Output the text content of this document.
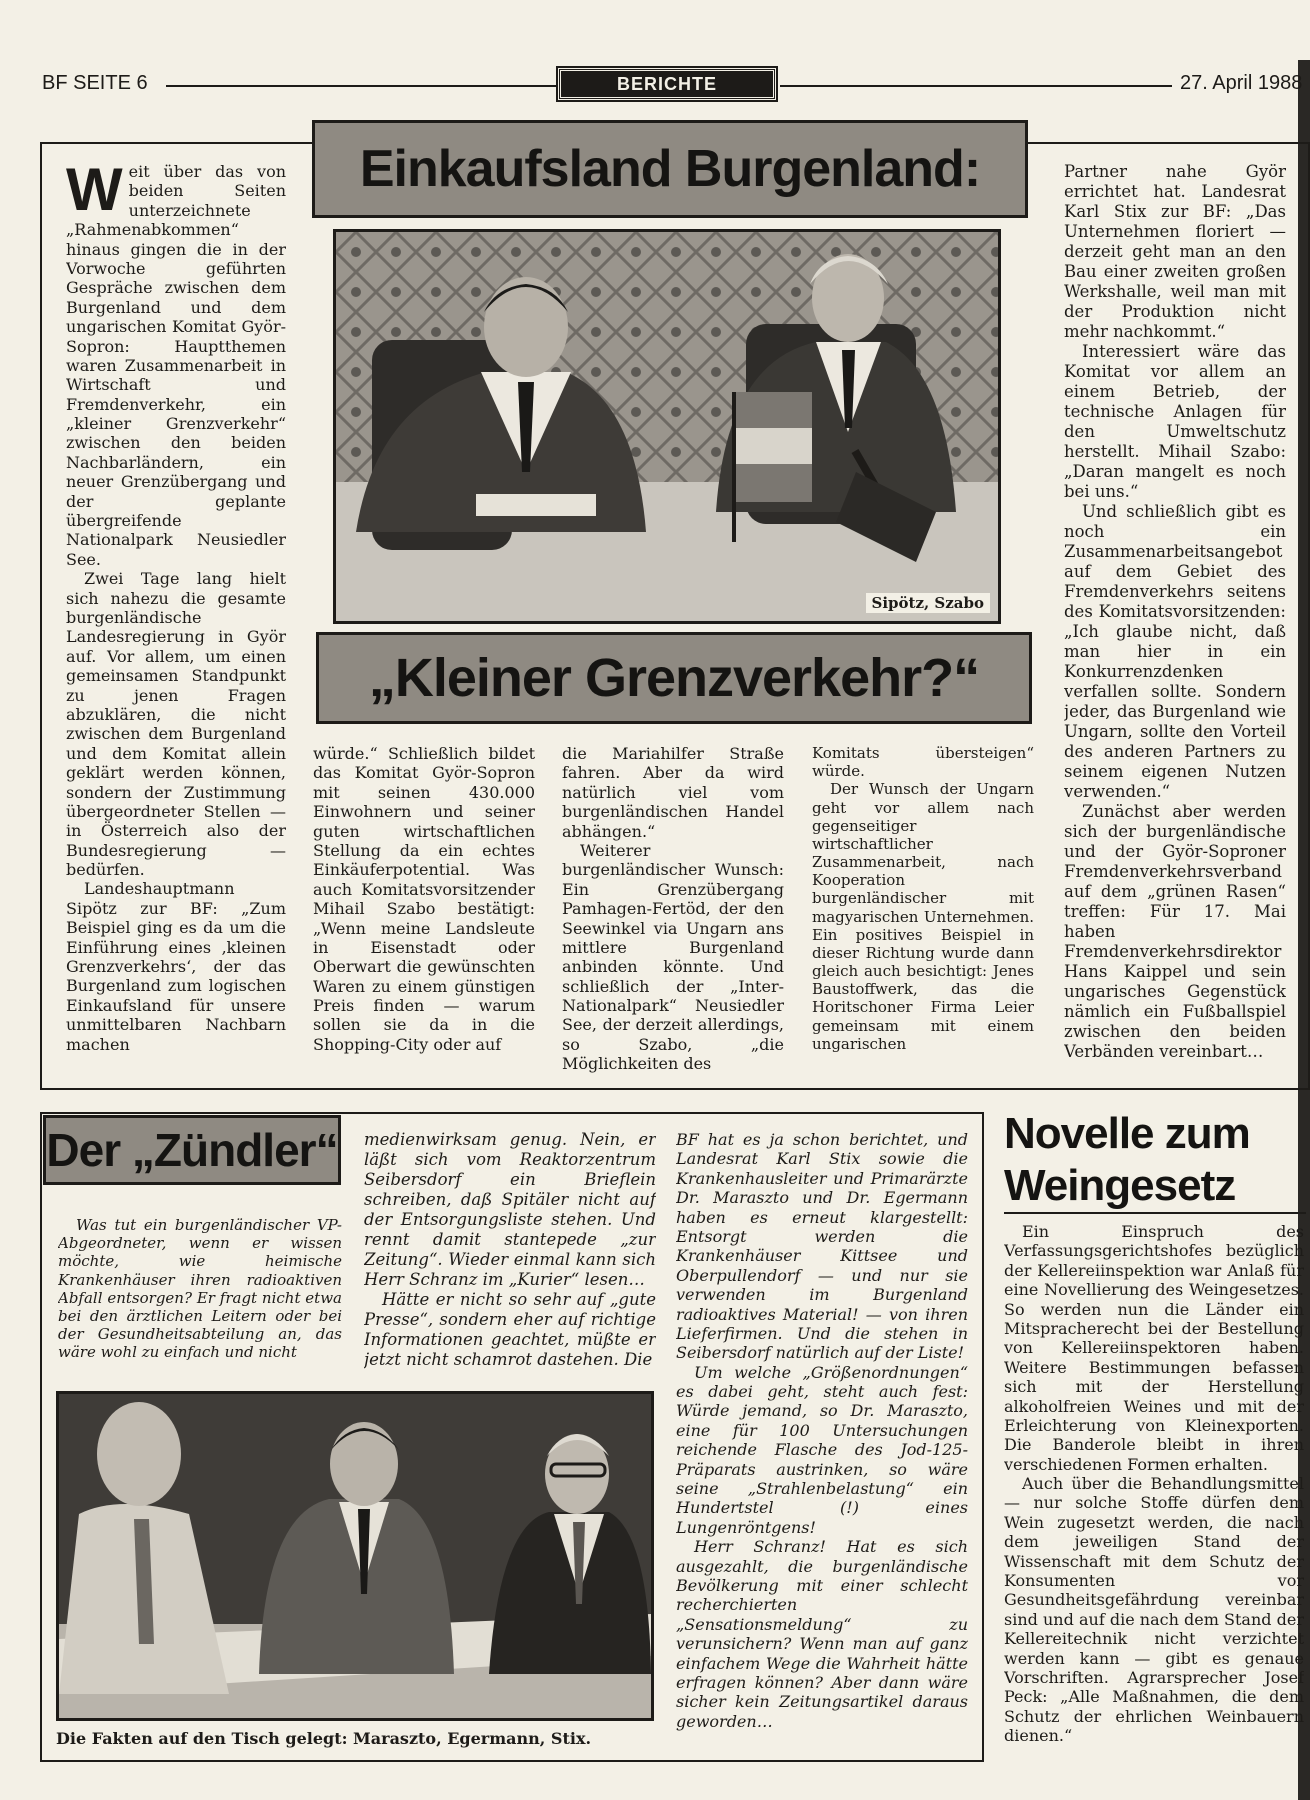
BF SEITE 6	BERICHTE	27. April 1988

Weit über das von beiden Seiten unterzeichnete „Rahmenabkommen“ hinaus gingen die in der Vorwoche geführten Gespräche zwischen dem Burgenland und dem ungarischen Komitat Györ-Sopron: Hauptthemen waren Zusammenarbeit in Wirtschaft und Fremdenverkehr, ein „kleiner Grenzverkehr“ zwischen den beiden Nachbarländern, ein neuer Grenzübergang und der geplante übergreifende Nationalpark Neusiedler See.

Zwei Tage lang hielt sich nahezu die gesamte burgenländische Landesregierung in Györ auf. Vor allem, um einen gemeinsamen Standpunkt zu jenen Fragen abzuklären, die nicht zwischen dem Burgenland und dem Komitat allein geklärt werden können, sondern der Zustimmung übergeordneter Stellen — in Österreich also der Bundesregierung — bedürfen.

Landeshauptmann Sipötz zur BF: „Zum Beispiel ging es da um die Einführung eines ‚kleinen Grenzverkehrs‘, der das Burgenland zum logischen Einkaufsland für unsere unmittelbaren Nachbarn machen

Einkaufsland Burgenland:
Sipötz, Szabo
„Kleiner Grenzverkehr?“

würde.“ Schließlich bildet das Komitat Györ-Sopron mit seinen 430.000 Einwohnern und seiner guten wirtschaftlichen Stellung da ein echtes Einkäuferpotential. Was auch Komitatsvorsitzender Mihail Szabo bestätigt: „Wenn meine Landsleute in Eisenstadt oder Oberwart die gewünschten Waren zu einem günstigen Preis finden — warum sollen sie da in die Shopping-City oder auf

die Mariahilfer Straße fahren. Aber da wird natürlich viel vom burgenländischen Handel abhängen.“

Weiterer burgenländischer Wunsch: Ein Grenzübergang Pamhagen-Fertöd, der den Seewinkel via Ungarn ans mittlere Burgenland anbinden könnte. Und schließlich der „Inter-Nationalpark“ Neusiedler See, der derzeit allerdings, so Szabo, „die Möglichkeiten des

Komitats übersteigen“ würde.

Der Wunsch der Ungarn geht vor allem nach gegenseitiger wirtschaftlicher Zusammenarbeit, nach Kooperation burgenländischer mit magyarischen Unternehmen. Ein positives Beispiel in dieser Richtung wurde dann gleich auch besichtigt: Jenes Baustoffwerk, das die Horitschoner Firma Leier gemeinsam mit einem ungarischen

Partner nahe Györ errichtet hat. Landesrat Karl Stix zur BF: „Das Unternehmen floriert — derzeit geht man an den Bau einer zweiten großen Werkshalle, weil man mit der Produktion nicht mehr nachkommt.“

Interessiert wäre das Komitat vor allem an einem Betrieb, der technische Anlagen für den Umweltschutz herstellt. Mihail Szabo: „Daran mangelt es noch bei uns.“

Und schließlich gibt es noch ein Zusammenarbeitsangebot auf dem Gebiet des Fremdenverkehrs seitens des Komitatsvorsitzenden: „Ich glaube nicht, daß man hier in ein Konkurrenzdenken verfallen sollte. Sondern jeder, das Burgenland wie Ungarn, sollte den Vorteil des anderen Partners zu seinem eigenen Nutzen verwenden.“

Zunächst aber werden sich der burgenländische und der Györ-Soproner Fremdenverkehrsverband auf dem „grünen Rasen“ treffen: Für 17. Mai haben Fremdenverkehrsdirektor Hans Kaippel und sein ungarisches Gegenstück nämlich ein Fußballspiel zwischen den beiden Verbänden vereinbart…

Der „Zündler“

Was tut ein burgenländischer VP-Abgeordneter, wenn er wissen möchte, wie heimische Krankenhäuser ihren radioaktiven Abfall entsorgen? Er fragt nicht etwa bei den ärztlichen Leitern oder bei der Gesundheitsabteilung an, das wäre wohl zu einfach und nicht

medienwirksam genug. Nein, er läßt sich vom Reaktorzentrum Seibersdorf ein Brieflein schreiben, daß Spitäler nicht auf der Entsorgungsliste stehen. Und rennt damit stantepede „zur Zeitung“. Wieder einmal kann sich Herr Schranz im „Kurier“ lesen…

Hätte er nicht so sehr auf „gute Presse“, sondern eher auf richtige Informationen geachtet, müßte er jetzt nicht schamrot dastehen. Die

BF hat es ja schon berichtet, und Landesrat Karl Stix sowie die Krankenhausleiter und Primarärzte Dr. Maraszto und Dr. Egermann haben es erneut klargestellt: Entsorgt werden die Krankenhäuser Kittsee und Oberpullendorf — und nur sie verwenden im Burgenland radioaktives Material! — von ihren Lieferfirmen. Und die stehen in Seibersdorf natürlich auf der Liste!

Um welche „Größenordnungen“ es dabei geht, steht auch fest: Würde jemand, so Dr. Maraszto, eine für 100 Untersuchungen reichende Flasche des Jod-125-Präparats austrinken, so wäre seine „Strahlenbelastung“ ein Hundertstel (!) eines Lungenröntgens!

Herr Schranz! Hat es sich ausgezahlt, die burgenländische Bevölkerung mit einer schlecht recherchierten „Sensationsmeldung“ zu verunsichern? Wenn man auf ganz einfachem Wege die Wahrheit hätte erfragen können? Aber dann wäre sicher kein Zeitungsartikel daraus geworden…

Die Fakten auf den Tisch gelegt: Maraszto, Egermann, Stix.
Novelle zum Weingesetz

Ein Einspruch des Verfassungsgerichtshofes bezüglich der Kellereiinspektion war Anlaß für eine Novellierung des Weingesetzes. So werden nun die Länder ein Mitspracherecht bei der Bestellung von Kellereiinspektoren haben. Weitere Bestimmungen befassen sich mit der Herstellung alkoholfreien Weines und mit der Erleichterung von Kleinexporten. Die Banderole bleibt in ihren verschiedenen Formen erhalten.

Auch über die Behandlungsmittel — nur solche Stoffe dürfen dem Wein zugesetzt werden, die nach dem jeweiligen Stand der Wissenschaft mit dem Schutz der Konsumenten vor Gesundheitsgefährdung vereinbar sind und auf die nach dem Stand der Kellereitechnik nicht verzichtet werden kann — gibt es genaue Vorschriften. Agrarsprecher Josef Peck: „Alle Maßnahmen, die dem Schutz der ehrlichen Weinbauern dienen.“
